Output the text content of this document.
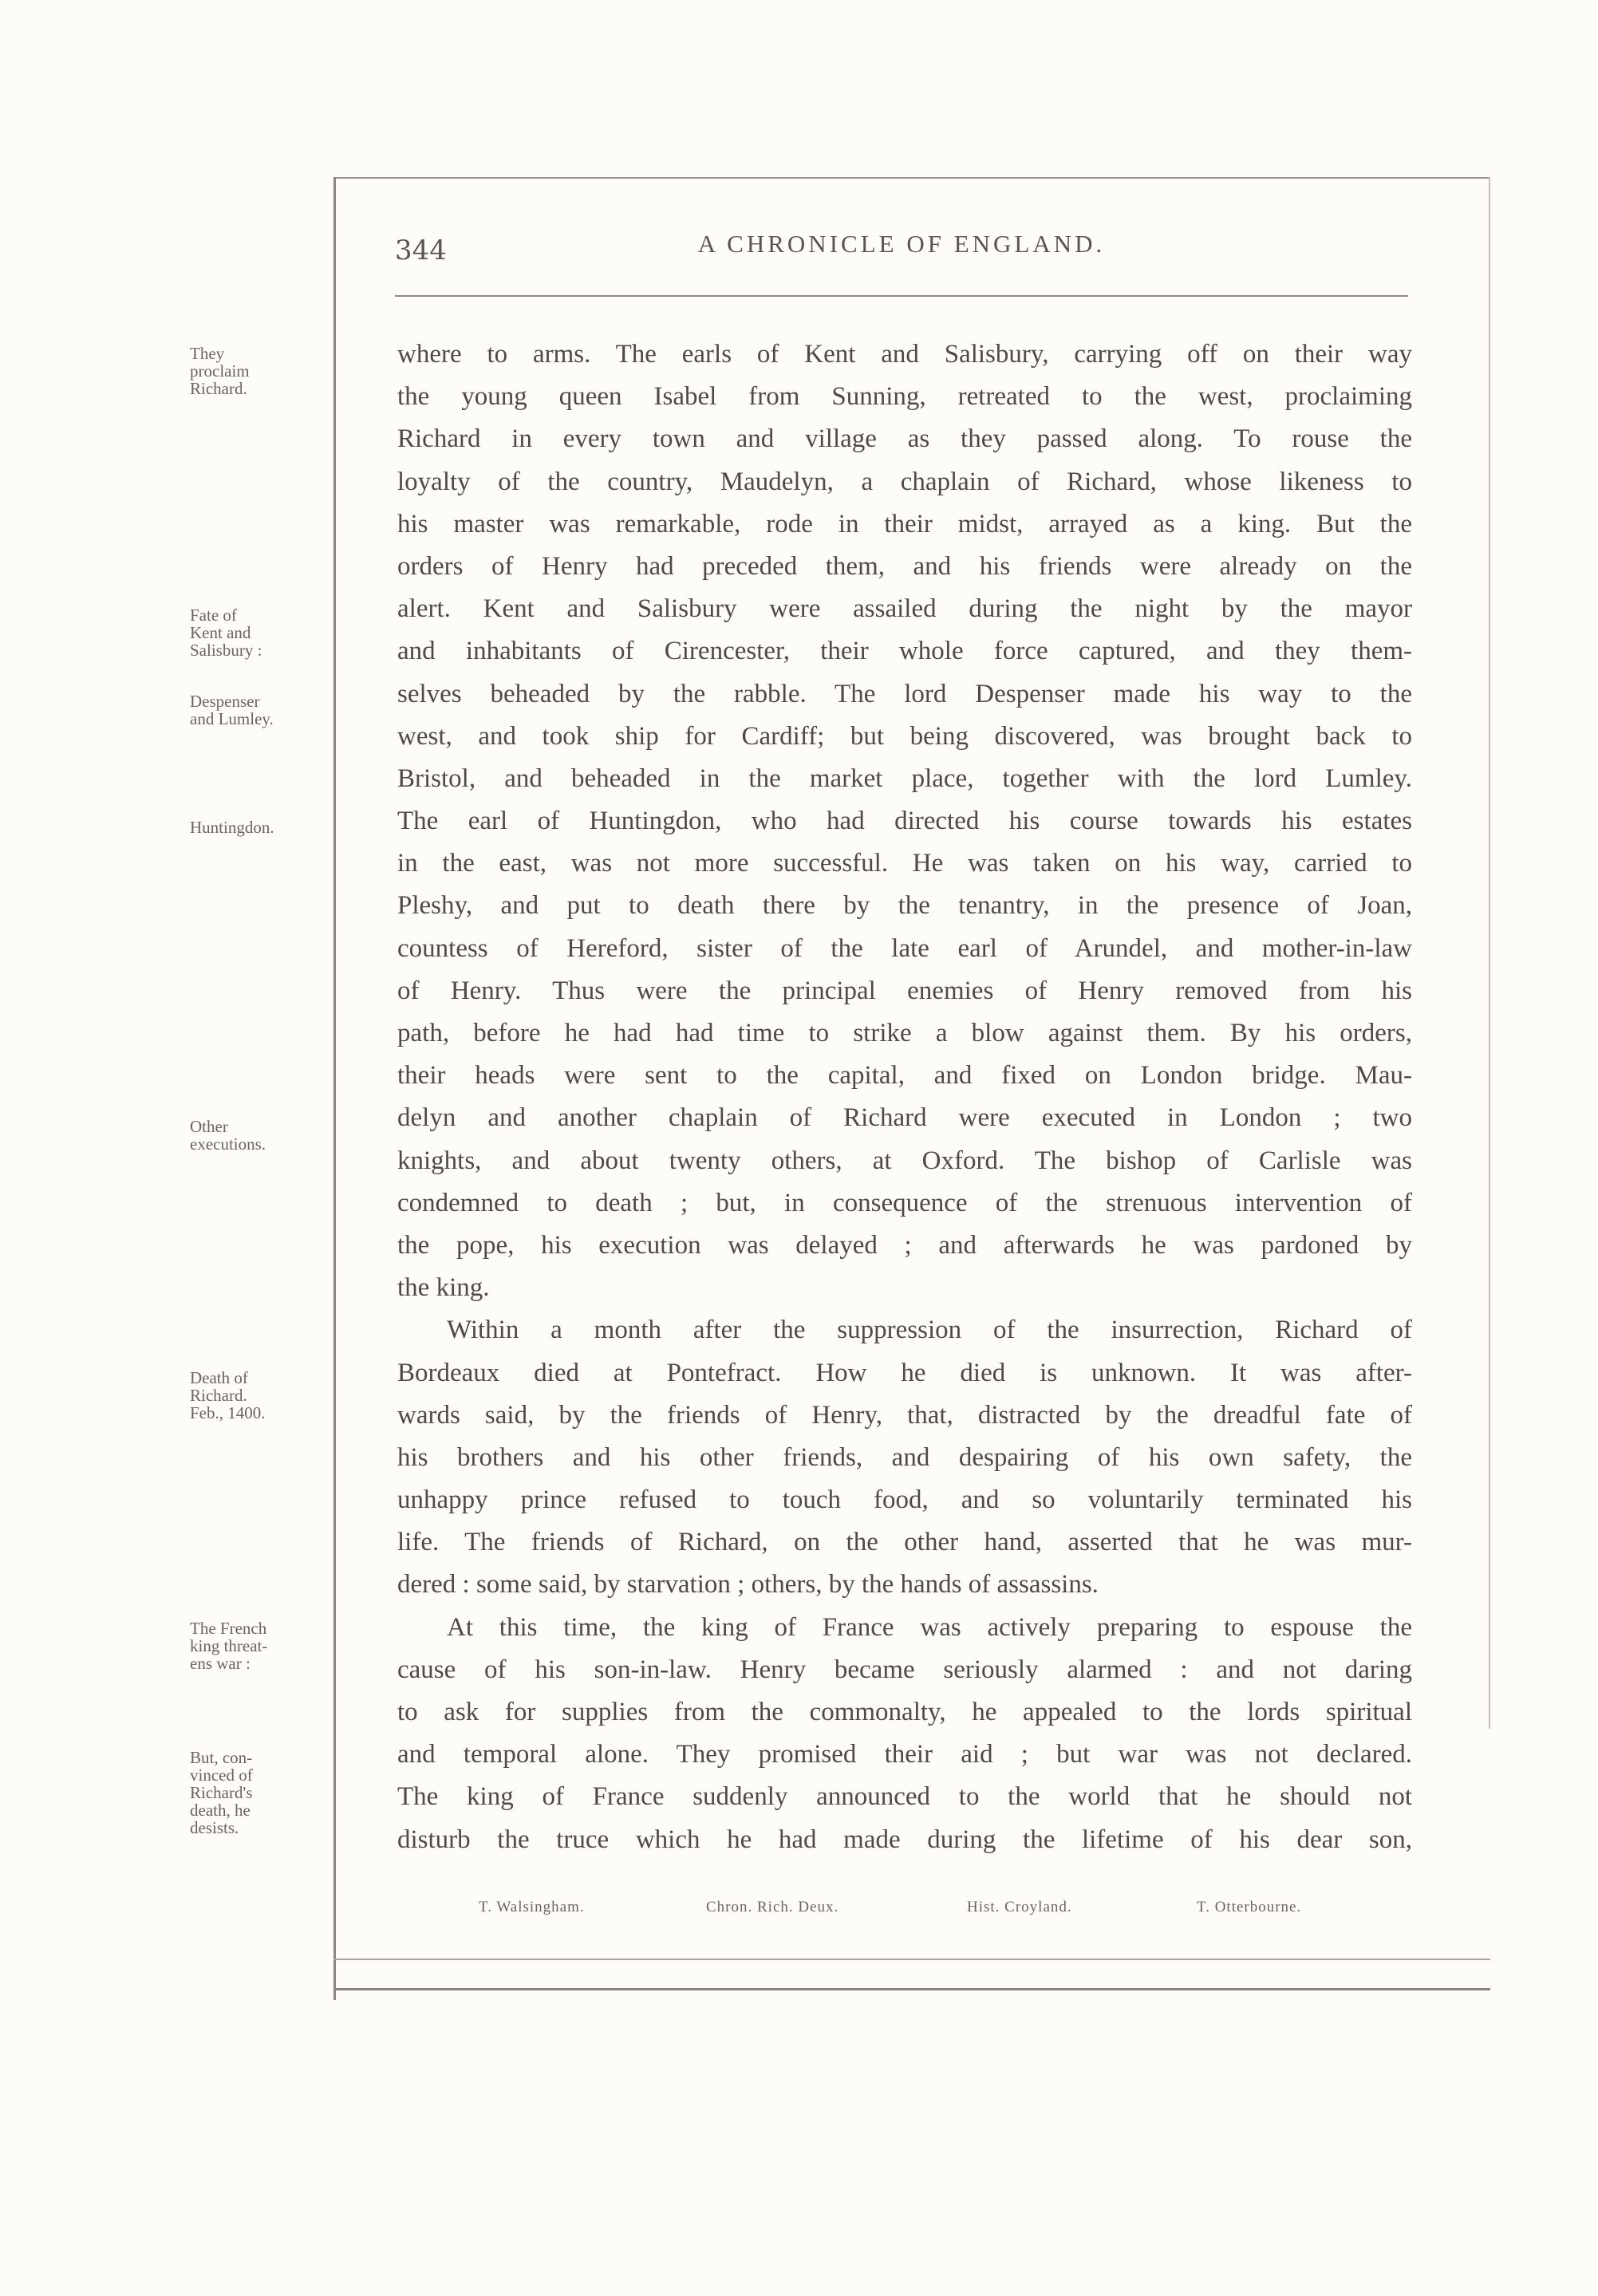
344	A CHRONICLE OF ENGLAND.
They
proclaim
Richard.
Fate of
Kent and
Salisbury :
Despenser
and Lumley.
Huntingdon.
Other
executions.
Death of
Richard.
Feb., 1400.
The French
king threat-
ens war :
But, con-
vinced of
Richard's
death, he
desists.
where to arms. The earls of Kent and Salisbury, carrying off on their way
the young queen Isabel from Sunning, retreated to the west, proclaiming
Richard in every town and village as they passed along. To rouse the
loyalty of the country, Maudelyn, a chaplain of Richard, whose likeness to
his master was remarkable, rode in their midst, arrayed as a king. But the
orders of Henry had preceded them, and his friends were already on the
alert. Kent and Salisbury were assailed during the night by the mayor
and inhabitants of Cirencester, their whole force captured, and they them-
selves beheaded by the rabble. The lord Despenser made his way to the
west, and took ship for Cardiff; but being discovered, was brought back to
Bristol, and beheaded in the market place, together with the lord Lumley.
The earl of Huntingdon, who had directed his course towards his estates
in the east, was not more successful. He was taken on his way, carried to
Pleshy, and put to death there by the tenantry, in the presence of Joan,
countess of Hereford, sister of the late earl of Arundel, and mother-in-law
of Henry. Thus were the principal enemies of Henry removed from his
path, before he had had time to strike a blow against them. By his orders,
their heads were sent to the capital, and fixed on London bridge. Mau-
delyn and another chaplain of Richard were executed in London ; two
knights, and about twenty others, at Oxford. The bishop of Carlisle was
condemned to death ; but, in consequence of the strenuous intervention of
the pope, his execution was delayed ; and afterwards he was pardoned by
the king.
Within a month after the suppression of the insurrection, Richard of
Bordeaux died at Pontefract. How he died is unknown. It was after-
wards said, by the friends of Henry, that, distracted by the dreadful fate of
his brothers and his other friends, and despairing of his own safety, the
unhappy prince refused to touch food, and so voluntarily terminated his
life. The friends of Richard, on the other hand, asserted that he was mur-
dered : some said, by starvation ; others, by the hands of assassins.
At this time, the king of France was actively preparing to espouse the
cause of his son-in-law. Henry became seriously alarmed : and not daring
to ask for supplies from the commonalty, he appealed to the lords spiritual
and temporal alone. They promised their aid ; but war was not declared.
The king of France suddenly announced to the world that he should not
disturb the truce which he had made during the lifetime of his dear son,
T. Walsingham.	Chron. Rich. Deux.	Hist. Croyland.	T. Otterbourne.
